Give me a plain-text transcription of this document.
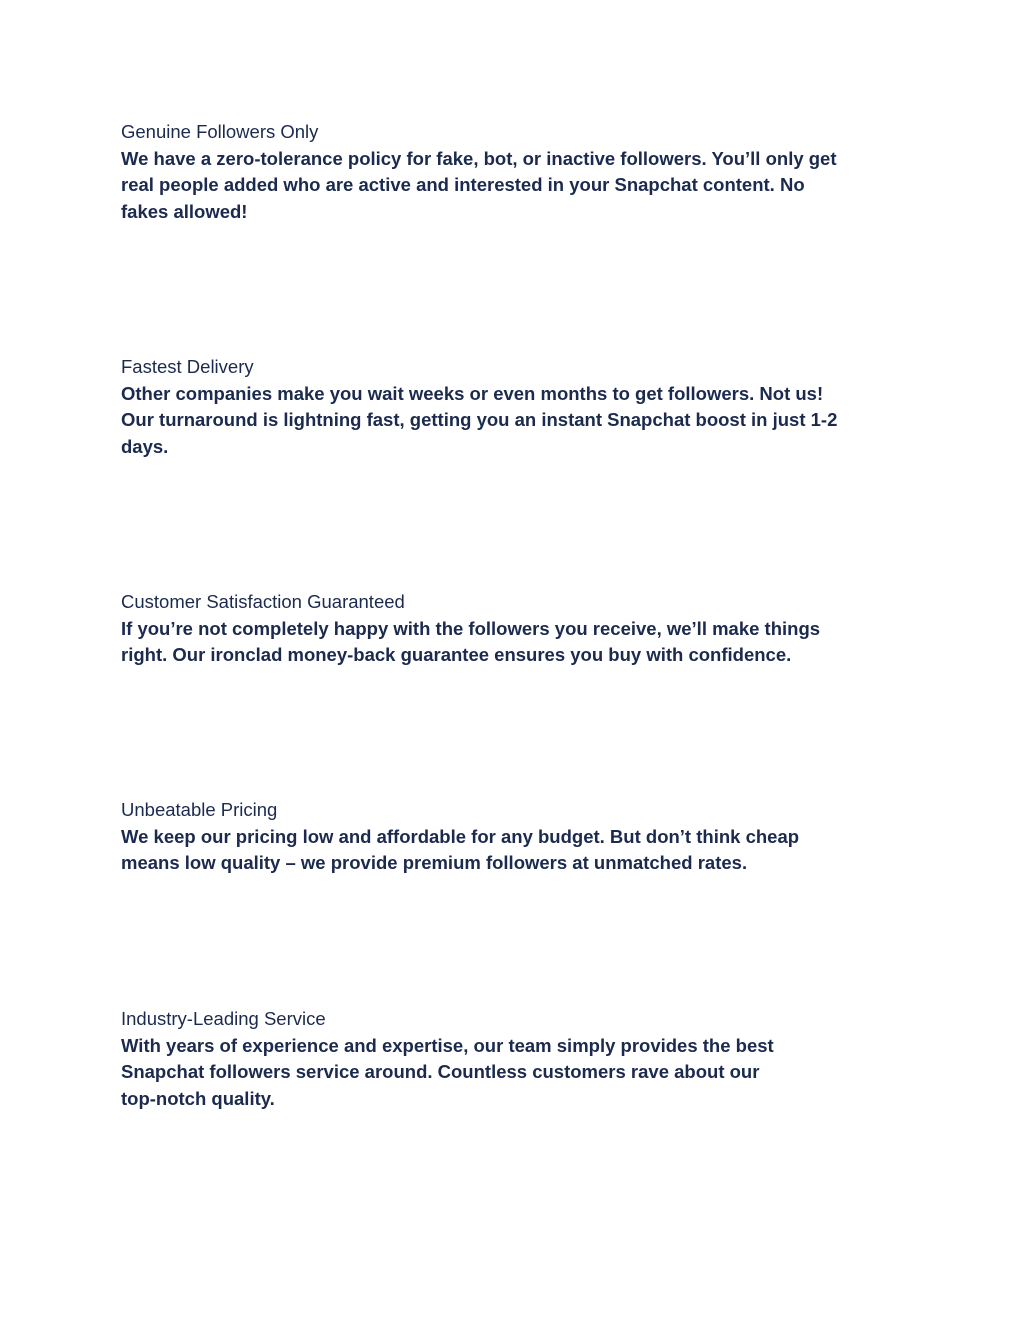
Genuine Followers Only
We have a zero-tolerance policy for fake, bot, or inactive followers. You’ll only get
real people added who are active and interested in your Snapchat content. No
fakes allowed!
Fastest Delivery
Other companies make you wait weeks or even months to get followers. Not us!
Our turnaround is lightning fast, getting you an instant Snapchat boost in just 1-2
days.
Customer Satisfaction Guaranteed
If you’re not completely happy with the followers you receive, we’ll make things
right. Our ironclad money-back guarantee ensures you buy with confidence.
Unbeatable Pricing
We keep our pricing low and affordable for any budget. But don’t think cheap
means low quality – we provide premium followers at unmatched rates.
Industry-Leading Service
With years of experience and expertise, our team simply provides the best
Snapchat followers service around. Countless customers rave about our
top-notch quality.
